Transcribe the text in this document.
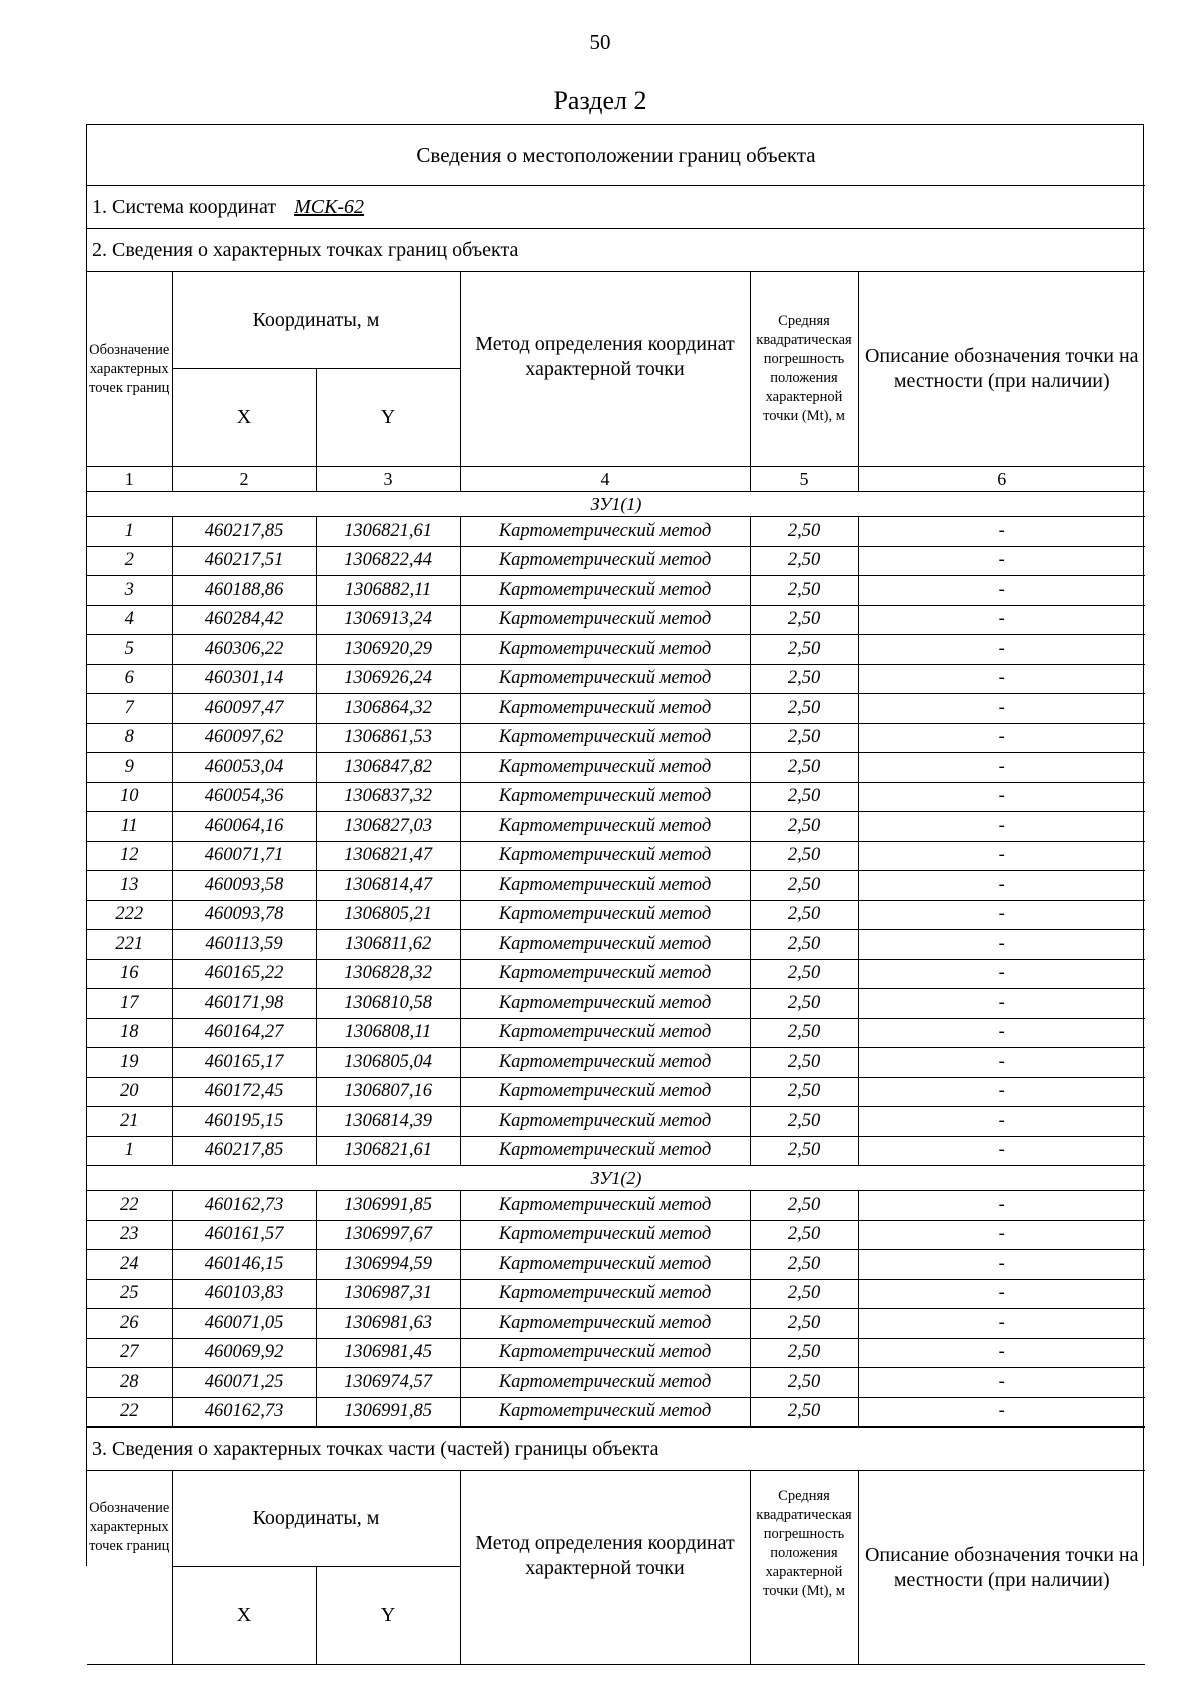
50
Раздел 2
Сведения о местоположении границ объекта					
1. Система координат МСК-62					
2. Сведения о характерных точках границ объекта					
Обозначение характерных точек границ	Координаты, м		Метод определения координат характерной точки	Средняя квадратическая погрешность положения характерной точки (Mt), м	Описание обозначения точки на местности (при наличии)
	X	Y			
1	2	3	4	5	6
ЗУ1(1)					
1	460217,85	1306821,61	Картометрический метод	2,50	-
2	460217,51	1306822,44	Картометрический метод	2,50	-
3	460188,86	1306882,11	Картометрический метод	2,50	-
4	460284,42	1306913,24	Картометрический метод	2,50	-
5	460306,22	1306920,29	Картометрический метод	2,50	-
6	460301,14	1306926,24	Картометрический метод	2,50	-
7	460097,47	1306864,32	Картометрический метод	2,50	-
8	460097,62	1306861,53	Картометрический метод	2,50	-
9	460053,04	1306847,82	Картометрический метод	2,50	-
10	460054,36	1306837,32	Картометрический метод	2,50	-
11	460064,16	1306827,03	Картометрический метод	2,50	-
12	460071,71	1306821,47	Картометрический метод	2,50	-
13	460093,58	1306814,47	Картометрический метод	2,50	-
222	460093,78	1306805,21	Картометрический метод	2,50	-
221	460113,59	1306811,62	Картометрический метод	2,50	-
16	460165,22	1306828,32	Картометрический метод	2,50	-
17	460171,98	1306810,58	Картометрический метод	2,50	-
18	460164,27	1306808,11	Картометрический метод	2,50	-
19	460165,17	1306805,04	Картометрический метод	2,50	-
20	460172,45	1306807,16	Картометрический метод	2,50	-
21	460195,15	1306814,39	Картометрический метод	2,50	-
1	460217,85	1306821,61	Картометрический метод	2,50	-
ЗУ1(2)					
22	460162,73	1306991,85	Картометрический метод	2,50	-
23	460161,57	1306997,67	Картометрический метод	2,50	-
24	460146,15	1306994,59	Картометрический метод	2,50	-
25	460103,83	1306987,31	Картометрический метод	2,50	-
26	460071,05	1306981,63	Картометрический метод	2,50	-
27	460069,92	1306981,45	Картометрический метод	2,50	-
28	460071,25	1306974,57	Картометрический метод	2,50	-
22	460162,73	1306991,85	Картометрический метод	2,50	-
3. Сведения о характерных точках части (частей) границы объекта					
Обозначение характерных точек границ	Координаты, м		Метод определения координат характерной точки	Средняя квадратическая погрешность положения характерной точки (Mt), м	Описание обозначения точки на местности (при наличии)
	X	Y			
